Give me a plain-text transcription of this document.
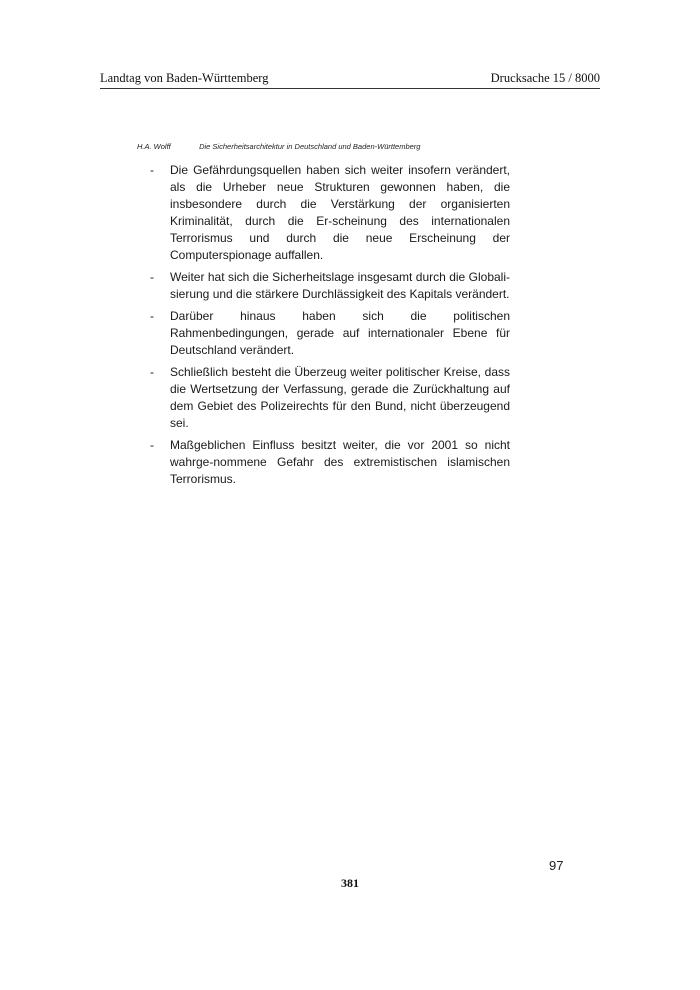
Landtag von Baden-Württemberg	Drucksache 15 / 8000
H.A. Wolff	Die Sicherheitsarchitektur in Deutschland und Baden-Württemberg
- Die Gefährdungsquellen haben sich weiter insofern verändert, als die Urheber neue Strukturen gewonnen haben, die insbesondere durch die Verstärkung der organisierten Kriminalität, durch die Er-scheinung des internationalen Terrorismus und durch die neue Erscheinung der Computerspionage auffallen.
- Weiter hat sich die Sicherheitslage insgesamt durch die Globali-sierung und die stärkere Durchlässigkeit des Kapitals verändert.
- Darüber hinaus haben sich die politischen Rahmenbedingungen, gerade auf internationaler Ebene für Deutschland verändert.
- Schließlich besteht die Überzeug weiter politischer Kreise, dass die Wertsetzung der Verfassung, gerade die Zurückhaltung auf dem Gebiet des Polizeirechts für den Bund, nicht überzeugend sei.
- Maßgeblichen Einfluss besitzt weiter, die vor 2001 so nicht wahrge-nommene Gefahr des extremistischen islamischen Terrorismus.
97
381
